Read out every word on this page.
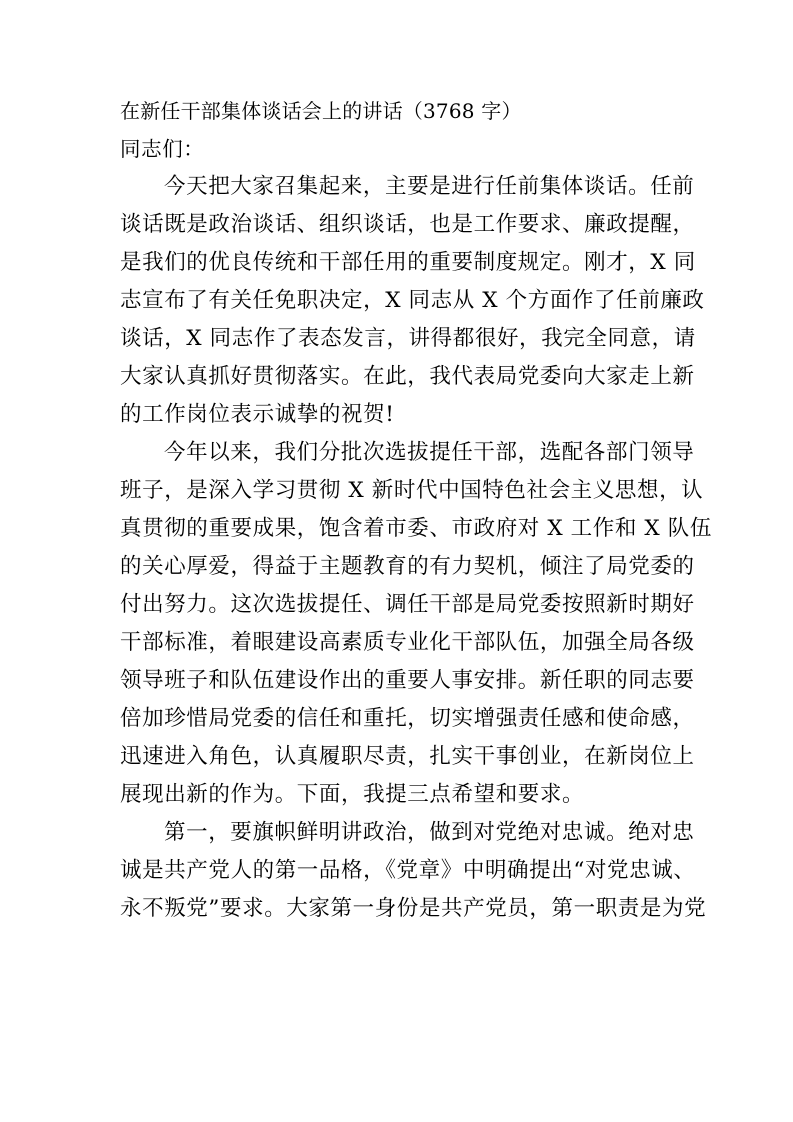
在新任干部集体谈话会上的讲话（3768 字）
同志们：
今天把大家召集起来，主要是进行任前集体谈话。任前
谈话既是政治谈话、组织谈话，也是工作要求、廉政提醒，
是我们的优良传统和干部任用的重要制度规定。刚才，X 同
志宣布了有关任免职决定，X 同志从 X 个方面作了任前廉政
谈话，X 同志作了表态发言，讲得都很好，我完全同意，请
大家认真抓好贯彻落实。在此，我代表局党委向大家走上新
的工作岗位表示诚挚的祝贺!
今年以来，我们分批次选拔提任干部，选配各部门领导
班子，是深入学习贯彻 X 新时代中国特色社会主义思想，认
真贯彻的重要成果，饱含着市委、市政府对 X 工作和 X 队伍
的关心厚爱，得益于主题教育的有力契机，倾注了局党委的
付出努力。这次选拔提任、调任干部是局党委按照新时期好
干部标准，着眼建设高素质专业化干部队伍，加强全局各级
领导班子和队伍建设作出的重要人事安排。新任职的同志要
倍加珍惜局党委的信任和重托，切实增强责任感和使命感，
迅速进入角色，认真履职尽责，扎实干事创业，在新岗位上
展现出新的作为。下面，我提三点希望和要求。
第一，要旗帜鲜明讲政治，做到对党绝对忠诚。绝对忠
诚是共产党人的第一品格，《党章》中明确提出“对党忠诚、
永不叛党”要求。大家第一身份是共产党员，第一职责是为党
